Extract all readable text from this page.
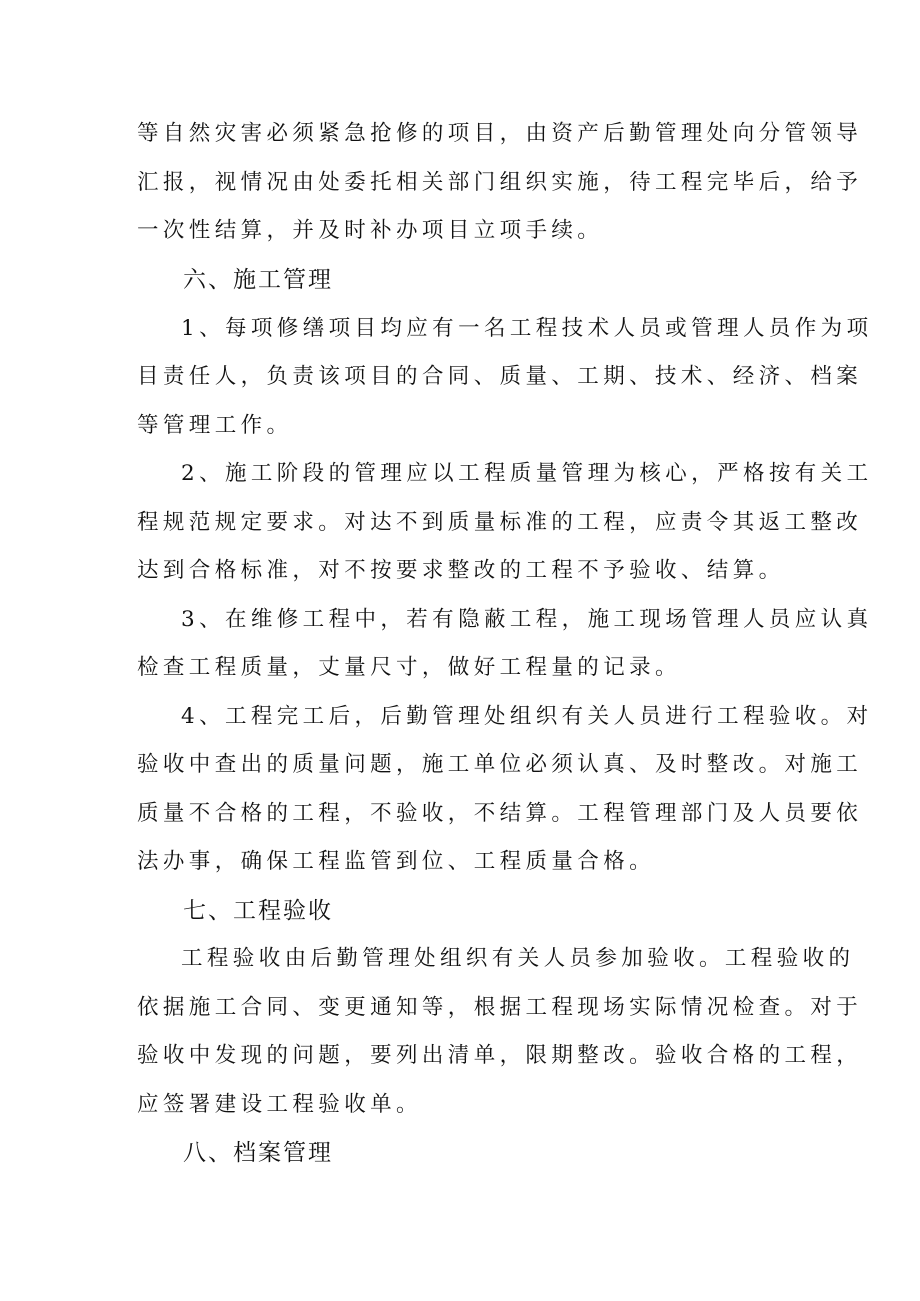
等自然灾害必须紧急抢修的项目，由资产后勤管理处向分管领导
汇报，视情况由处委托相关部门组织实施，待工程完毕后，给予
一次性结算，并及时补办项目立项手续。
六、施工管理
1、每项修缮项目均应有一名工程技术人员或管理人员作为项
目责任人，负责该项目的合同、质量、工期、技术、经济、档案
等管理工作。
2、施工阶段的管理应以工程质量管理为核心，严格按有关工
程规范规定要求。对达不到质量标准的工程，应责令其返工整改
达到合格标准，对不按要求整改的工程不予验收、结算。
3、在维修工程中，若有隐蔽工程，施工现场管理人员应认真
检查工程质量，丈量尺寸，做好工程量的记录。
4、工程完工后，后勤管理处组织有关人员进行工程验收。对
验收中查出的质量问题，施工单位必须认真、及时整改。对施工
质量不合格的工程，不验收，不结算。工程管理部门及人员要依
法办事，确保工程监管到位、工程质量合格。
七、工程验收
工程验收由后勤管理处组织有关人员参加验收。工程验收的
依据施工合同、变更通知等，根据工程现场实际情况检查。对于
验收中发现的问题，要列出清单，限期整改。验收合格的工程，
应签署建设工程验收单。
八、档案管理
